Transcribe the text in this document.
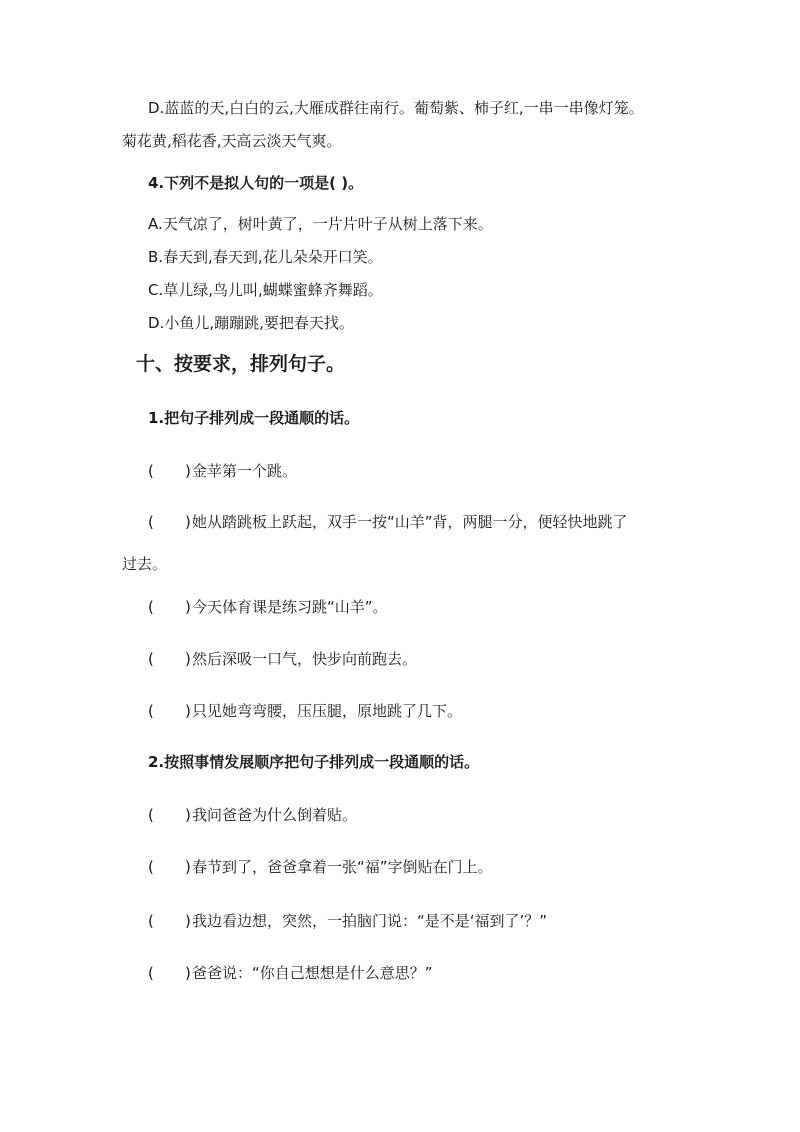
D.蓝蓝的天,白白的云,大雁成群往南行。葡萄紫、柿子红,一串一串像灯笼。
菊花黄,稻花香,天高云淡天气爽。
4.下列不是拟人句的一项是( )。
A.天气凉了，树叶黄了，一片片叶子从树上落下来。
B.春天到,春天到,花儿朵朵开口笑。
C.草儿绿,鸟儿叫,蝴蝶蜜蜂齐舞蹈。
D.小鱼儿,蹦蹦跳,要把春天找。
十、按要求，排列句子。
1.把句子排列成一段通顺的话。
( ) 金苹第一个跳。
( ) 她从踏跳板上跃起，双手一按“山羊”背，两腿一分，便轻快地跳了
过去。
( ) 今天体育课是练习跳“山羊”。
( ) 然后深吸一口气，快步向前跑去。
( ) 只见她弯弯腰，压压腿，原地跳了几下。
2.按照事情发展顺序把句子排列成一段通顺的话。
( ) 我问爸爸为什么倒着贴。
( ) 春节到了，爸爸拿着一张“福”字倒贴在门上。
( ) 我边看边想，突然，一拍脑门说：“是不是‘福到了’？”
( ) 爸爸说：“你自己想想是什么意思？”
